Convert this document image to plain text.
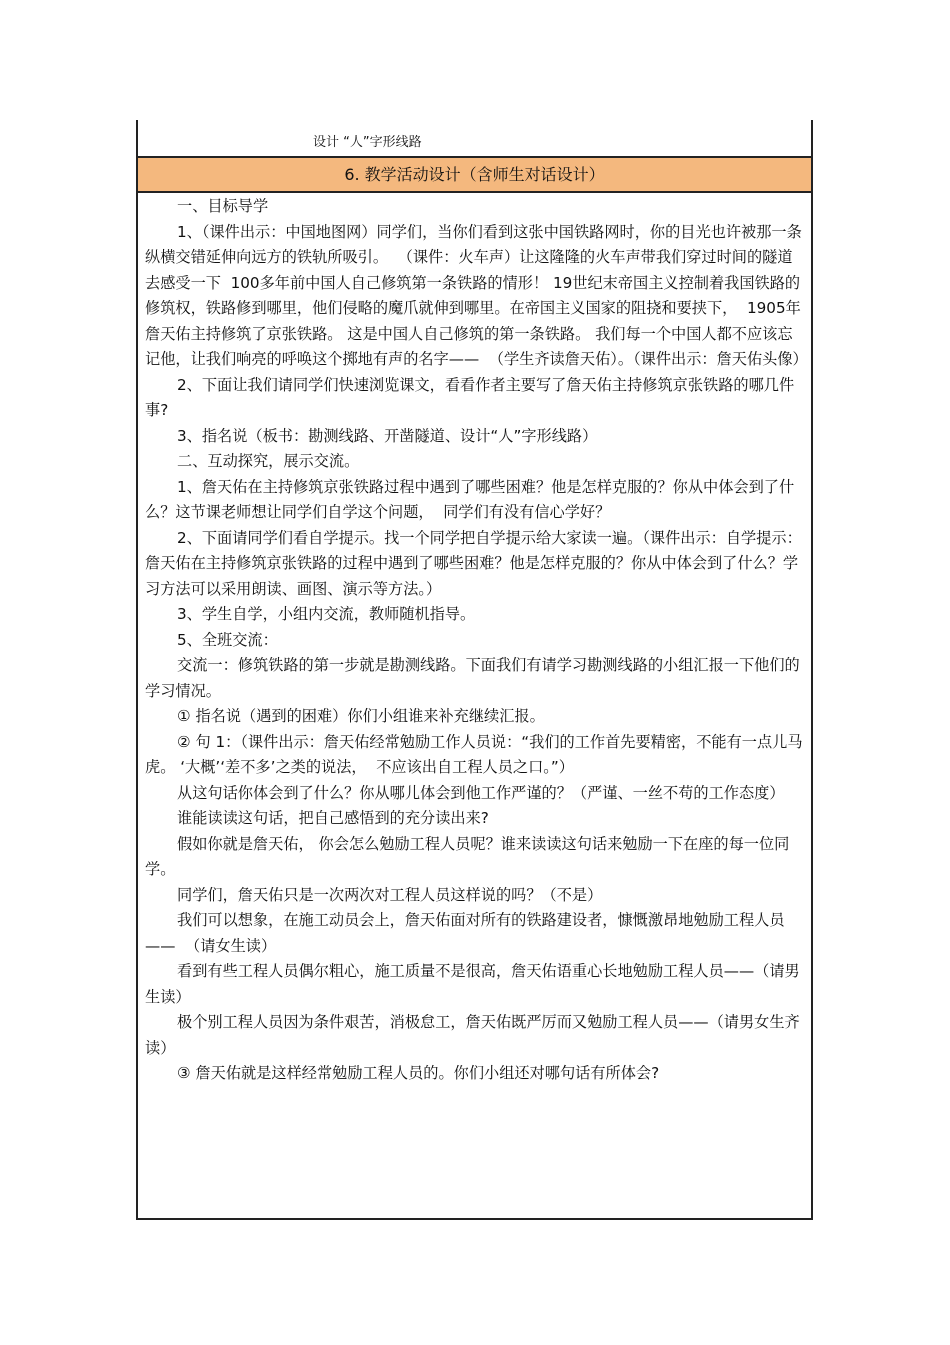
设计 “人”字形线路
6. 教学活动设计（含师生对话设计）

一、目标导学

1、（课件出示：中国地图网）同学们，当你们看到这张中国铁路网时，你的目光也许被那一条纵横交错延伸向远方的铁轨所吸引。  （课件：火车声）让这隆隆的火车声带我们穿过时间的隧道去感受一下  100多年前中国人自己修筑第一条铁路的情形！ 19世纪末帝国主义控制着我国铁路的修筑权，铁路修到哪里，他们侵略的魔爪就伸到哪里。在帝国主义国家的阻挠和要挟下，  1905年詹天佑主持修筑了京张铁路。 这是中国人自己修筑的第一条铁路。 我们每一个中国人都不应该忘记他，让我们响亮的呼唤这个掷地有声的名字——  （学生齐读詹天佑）。（课件出示：詹天佑头像）

2、下面让我们请同学们快速浏览课文，看看作者主要写了詹天佑主持修筑京张铁路的哪几件事?

3、指名说（板书：勘测线路、开凿隧道、设计“人”字形线路）

二、互动探究，展示交流。

1、詹天佑在主持修筑京张铁路过程中遇到了哪些困难？他是怎样克服的？你从中体会到了什么？这节课老师想让同学们自学这个问题，  同学们有没有信心学好？

2、下面请同学们看自学提示。找一个同学把自学提示给大家读一遍。（课件出示：自学提示：詹天佑在主持修筑京张铁路的过程中遇到了哪些困难？他是怎样克服的？你从中体会到了什么？学习方法可以采用朗读、画图、演示等方法。）

3、学生自学，小组内交流，教师随机指导。

5、全班交流：

交流一：修筑铁路的第一步就是勘测线路。下面我们有请学习勘测线路的小组汇报一下他们的学习情况。

① 指名说（遇到的困难）你们小组谁来补充继续汇报。

② 句 1：（课件出示：詹天佑经常勉励工作人员说：“我们的工作首先要精密，不能有一点儿马虎。 ‘大概’‘差不多’之类的说法，  不应该出自工程人员之口。”）

从这句话你体会到了什么？你从哪儿体会到他工作严谨的？（严谨、一丝不苟的工作态度）

谁能读读这句话，把自己感悟到的充分读出来?

假如你就是詹天佑， 你会怎么勉励工程人员呢？谁来读读这句话来勉励一下在座的每一位同学。

同学们，詹天佑只是一次两次对工程人员这样说的吗？（不是）

我们可以想象，在施工动员会上，詹天佑面对所有的铁路建设者，慷慨激昂地勉励工程人员——  （请女生读）

看到有些工程人员偶尔粗心，施工质量不是很高，詹天佑语重心长地勉励工程人员——（请男生读）

极个别工程人员因为条件艰苦，消极怠工，詹天佑既严厉而又勉励工程人员——（请男女生齐读）

③ 詹天佑就是这样经常勉励工程人员的。你们小组还对哪句话有所体会?
